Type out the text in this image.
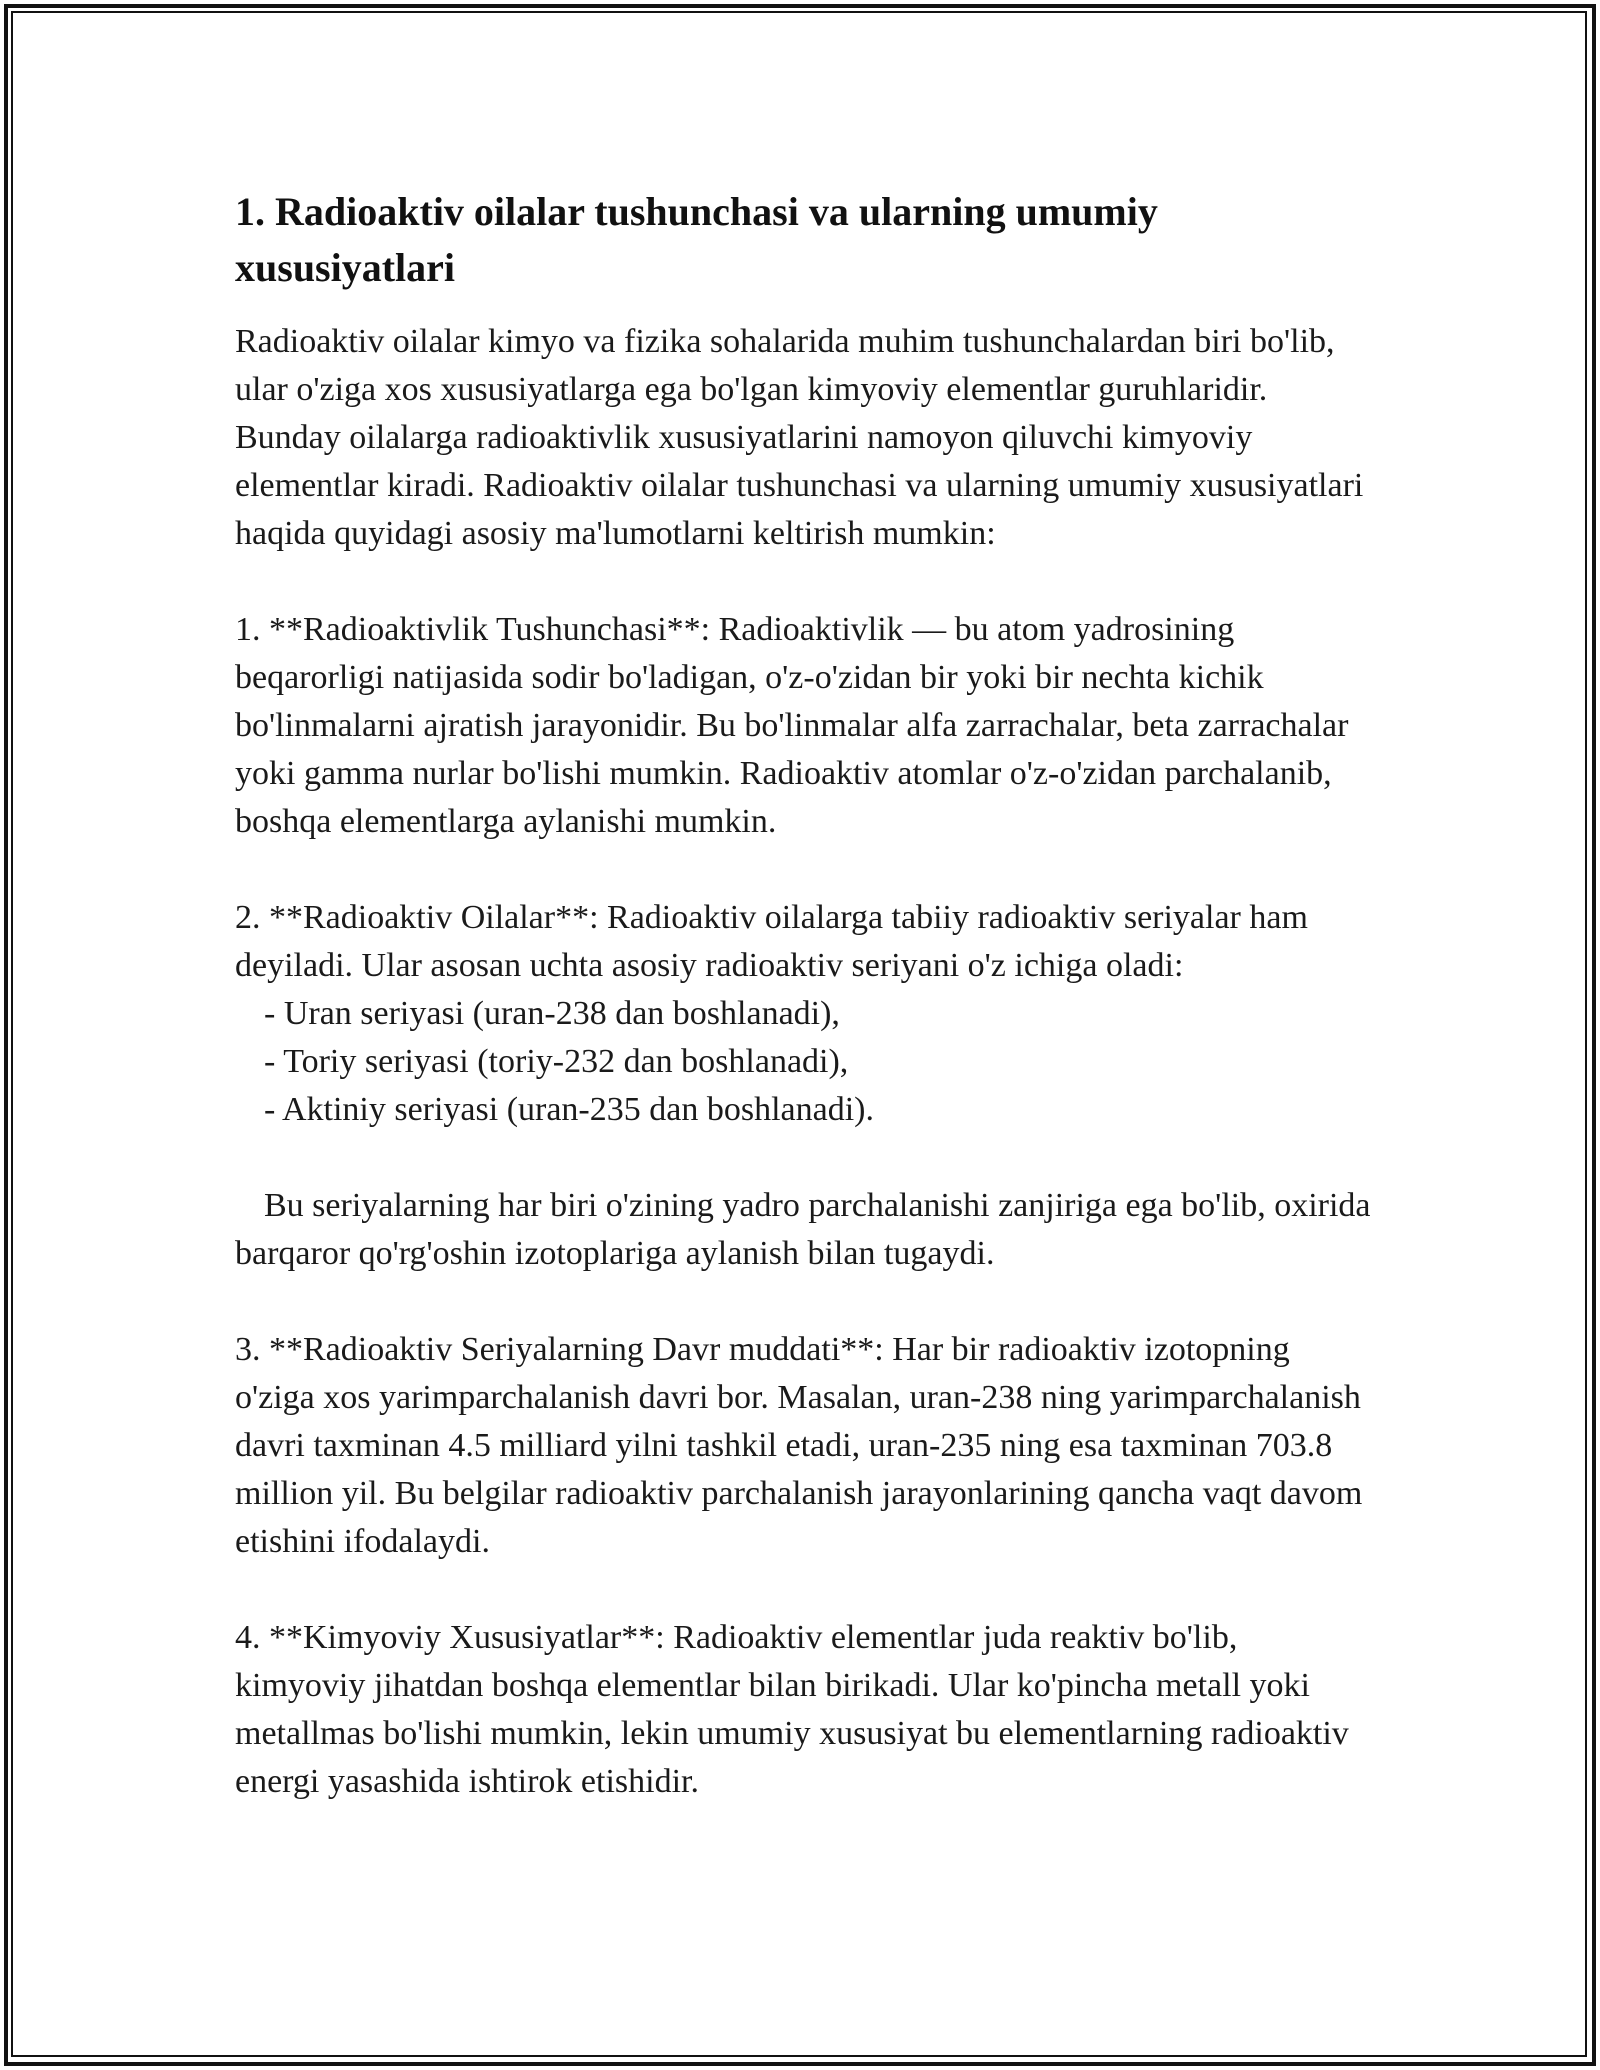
1. Radioaktiv oilalar tushunchasi va ularning umumiy xususiyatlari

Radioaktiv oilalar kimyo va fizika sohalarida muhim tushunchalardan biri bo'lib, ular o'ziga xos xususiyatlarga ega bo'lgan kimyoviy elementlar guruhlaridir. Bunday oilalarga radioaktivlik xususiyatlarini namoyon qiluvchi kimyoviy elementlar kiradi. Radioaktiv oilalar tushunchasi va ularning umumiy xususiyatlari haqida quyidagi asosiy ma'lumotlarni keltirish mumkin:

1. **Radioaktivlik Tushunchasi**: Radioaktivlik — bu atom yadrosining beqarorligi natijasida sodir bo'ladigan, o'z-o'zidan bir yoki bir nechta kichik bo'linmalarni ajratish jarayonidir. Bu bo'linmalar alfa zarrachalar, beta zarrachalar yoki gamma nurlar bo'lishi mumkin. Radioaktiv atomlar o'z-o'zidan parchalanib, boshqa elementlarga aylanishi mumkin.

2. **Radioaktiv Oilalar**: Radioaktiv oilalarga tabiiy radioaktiv seriyalar ham deyiladi. Ular asosan uchta asosiy radioaktiv seriyani o'z ichiga oladi:

- Uran seriyasi (uran-238 dan boshlanadi),

- Toriy seriyasi (toriy-232 dan boshlanadi),

- Aktiniy seriyasi (uran-235 dan boshlanadi).

Bu seriyalarning har biri o'zining yadro parchalanishi zanjiriga ega bo'lib, oxirida barqaror qo'rg'oshin izotoplariga aylanish bilan tugaydi.

3. **Radioaktiv Seriyalarning Davr muddati**: Har bir radioaktiv izotopning o'ziga xos yarimparchalanish davri bor. Masalan, uran-238 ning yarimparchalanish davri taxminan 4.5 milliard yilni tashkil etadi, uran-235 ning esa taxminan 703.8 million yil. Bu belgilar radioaktiv parchalanish jarayonlarining qancha vaqt davom etishini ifodalaydi.

4. **Kimyoviy Xususiyatlar**: Radioaktiv elementlar juda reaktiv bo'lib, kimyoviy jihatdan boshqa elementlar bilan birikadi. Ular ko'pincha metall yoki metallmas bo'lishi mumkin, lekin umumiy xususiyat bu elementlarning radioaktiv energi yasashida ishtirok etishidir.
